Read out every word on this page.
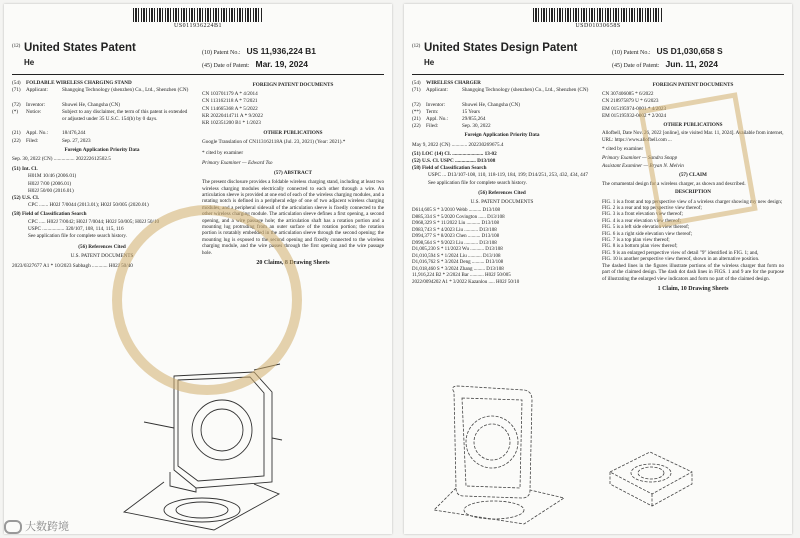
US011936224B1
(12) United States Patent
He
(10) Patent No.: US 11,936,224 B1
(45) Date of Patent: Mar. 19, 2024
(54) FOLDABLE WIRELESS CHARGING STAND
(71) Applicant:	Shangqing Technology (shenzhen) Co., Ltd., Shenzhen (CN)
(72) Inventor:	Shuwei He, Changsha (CN)
(*) Notice:	Subject to any disclaimer, the term of this patent is extended or adjusted under 35 U.S.C. 154(b) by 0 days.
(21) Appl. No.:	18/476,244
(22) Filed:	Sep. 27, 2023
Foreign Application Priority Data
Sep. 30, 2022 (CN) ................ 202222612502.5
(51) Int. Cl.
H01M 10/46 (2006.01)
H02J 7/00 (2006.01)
H02J 50/00 (2016.01)
(52) U.S. Cl.
CPC ....... H02J 7/0044 (2013.01); H02J 50/005 (2020.01)
(58) Field of Classification Search
CPC ..... H02J 7/0042; H02J 7/0044; H02J 50/005; H02J 50/10
USPC ................. 320/107, 108, 114, 115, 116
See application file for complete search history.
(56) References Cited
U.S. PATENT DOCUMENTS
2023/0327677 A1 * 10/2023 Sabbagh ............ H02J 50/40
FOREIGN PATENT DOCUMENTS
CN 103701179 A * 4/2014
CN 113162118 A * 7/2021
CN 114665368 A * 5/2022
KR 20220414711 A * 9/2022
KR 102351200 B1 * 1/2023
OTHER PUBLICATIONS
Google Translation of CN113162118A (Jul. 23, 2021) (Year: 2021).*
* cited by examiner
Primary Examiner — Edward Tso
(57) ABSTRACT
The present disclosure provides a foldable wireless charging stand, including at least two wireless charging modules electrically connected to each other through a wire. An articulation sleeve is provided at one end of each of the wireless charging modules, and a rotating notch is defined in a peripheral edge of one of two adjacent wireless charging modules, and a peripheral sidewall of the articulation sleeve is fixedly connected to the other wireless charging module. The articulation sleeve defines a first opening, a second opening, and a wire passage hole; the articulation shaft has a rotation portion and a mounting lug protruding from an outer surface of the rotation portion; the rotation portion is rotatably embedded in the articulation sleeve through the second opening; the mounting lug is exposed to the second opening and fixedly connected to the wireless charging module, and the wire passes through the first opening and the wire passage hole.
20 Claims, 8 Drawing Sheets
USD01030658S
(12) United States Design Patent
He
(10) Patent No.: US D1,030,658 S
(45) Date of Patent: Jun. 11, 2024
(54) WIRELESS CHARGER
(71) Applicant:	Shangqing Technology (shenzhen) Co., Ltd., Shenzhen (CN)
(72) Inventor:	Shuwei He, Changsha (CN)
(**) Term:	15 Years
(21) Appl. No.:	29/855,264
(22) Filed:	Sep. 30, 2022
Foreign Application Priority Data
May 9, 2022 (CN) ............ 202230269675.4
(51) LOC (14) Cl. ........................ 13-02
(52) U.S. Cl. USPC ................ D13/108
(58) Field of Classification Search
USPC ... D13/107-108, 110, 118-119, 184, 199; D14/251, 253, 432, 434, 447
See application file for complete search history.
(56) References Cited
U.S. PATENT DOCUMENTS
D614,605 S * 3/2010 Webb .......... D13/108
D885,334 S * 5/2020 Covington ...... D13/108
D968,329 S * 11/2022 Liu ........... D13/108
D983,743 S * 4/2023 Liu ........... D13/108
D994,377 S * 8/2023 Chen .......... D13/108
D998,564 S * 9/2023 Liu ........... D13/108
D1,005,230 S * 11/2023 Wu ........... D13/108
D1,010,594 S * 1/2024 Liu ........... D13/108
D1,016,762 S * 3/2024 Deng .......... D13/108
D1,018,460 S * 3/2024 Zhang ......... D13/108
11,916,224 B2 * 2/2024 Bar ........... H02J 50/005
2022/0094202 A1 * 3/2022 Kazanlou ..... H02J 50/10
FOREIGN PATENT DOCUMENTS
CN 307406085 * 6/2022
CN 218975879 U * 6/2023
EM 015195974-0001 * 4/2023
EM 015195932-0002 * 2/2024
OTHER PUBLICATIONS
Allofbell, Date Nov. 26, 2022 [online], site visited Mar. 11, 2024]. Available from internet, URL: https://www.allofbell.com ...
* cited by examiner
Primary Examiner — Sandra Snapp
Assistant Examiner — Bryan N. Melvin
(57) CLAIM
The ornamental design for a wireless charger, as shown and described.
DESCRIPTION
FIG. 1 is a front and top perspective view of a wireless charger showing my new design;
FIG. 2 is a rear and top perspective view thereof;
FIG. 3 is a front elevation view thereof;
FIG. 4 is a rear elevation view thereof;
FIG. 5 is a left side elevation view thereof;
FIG. 6 is a right side elevation view thereof;
FIG. 7 is a top plan view thereof;
FIG. 8 is a bottom plan view thereof;
FIG. 9 is an enlarged perspective view of detail "9" identified in FIG. 1; and,
FIG. 10 is another perspective view thereof, shown in an alternative position.
The dashed lines in the figures illustrate portions of the wireless charger that form no part of the claimed design. The dash dot dash lines in FIGS. 1 and 9 are for the purpose of illustrating the enlarged view indicators and form no part of the claimed design.
1 Claim, 10 Drawing Sheets
大数跨境
